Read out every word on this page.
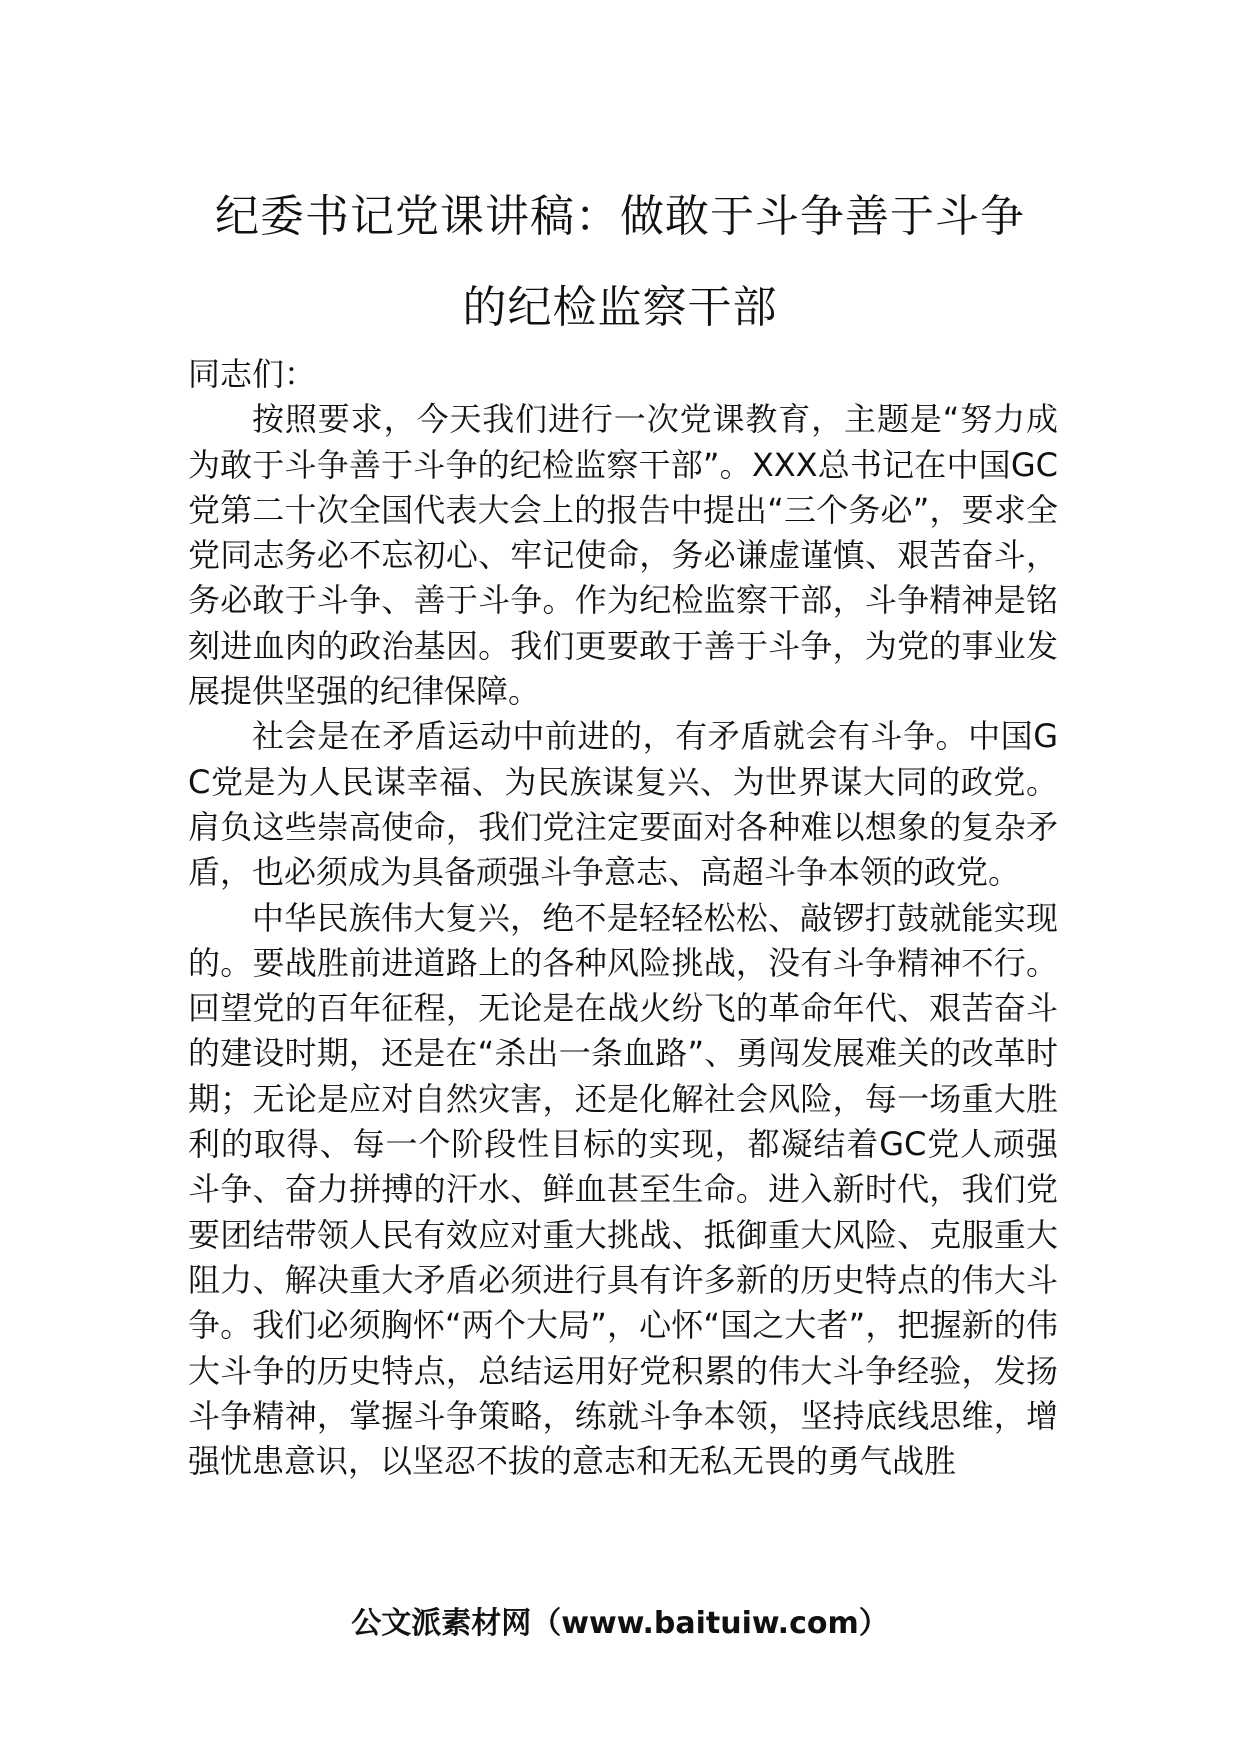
纪委书记党课讲稿：做敢于斗争善于斗争
的纪检监察干部

同志们：

按照要求，今天我们进行一次党课教育，主题是“努力成为敢于斗争善于斗争的纪检监察干部”。XXX总书记在中国GC党第二十次全国代表大会上的报告中提出“三个务必”，要求全党同志务必不忘初心、牢记使命，务必谦虚谨慎、艰苦奋斗，务必敢于斗争、善于斗争。作为纪检监察干部，斗争精神是铭刻进血肉的政治基因。我们更要敢于善于斗争，为党的事业发展提供坚强的纪律保障。

社会是在矛盾运动中前进的，有矛盾就会有斗争。中国GC党是为人民谋幸福、为民族谋复兴、为世界谋大同的政党。肩负这些崇高使命，我们党注定要面对各种难以想象的复杂矛盾，也必须成为具备顽强斗争意志、高超斗争本领的政党。

中华民族伟大复兴，绝不是轻轻松松、敲锣打鼓就能实现的。要战胜前进道路上的各种风险挑战，没有斗争精神不行。回望党的百年征程，无论是在战火纷飞的革命年代、艰苦奋斗的建设时期，还是在“杀出一条血路”、勇闯发展难关的改革时期；无论是应对自然灾害，还是化解社会风险，每一场重大胜利的取得、每一个阶段性目标的实现，都凝结着GC党人顽强斗争、奋力拼搏的汗水、鲜血甚至生命。进入新时代，我们党要团结带领人民有效应对重大挑战、抵御重大风险、克服重大阻力、解决重大矛盾必须进行具有许多新的历史特点的伟大斗争。我们必须胸怀“两个大局”，心怀“国之大者”，把握新的伟大斗争的历史特点，总结运用好党积累的伟大斗争经验，发扬斗争精神，掌握斗争策略，练就斗争本领，坚持底线思维，增强忧患意识，以坚忍不拔的意志和无私无畏的勇气战胜

公文派素材网（www.baituiw.com）
